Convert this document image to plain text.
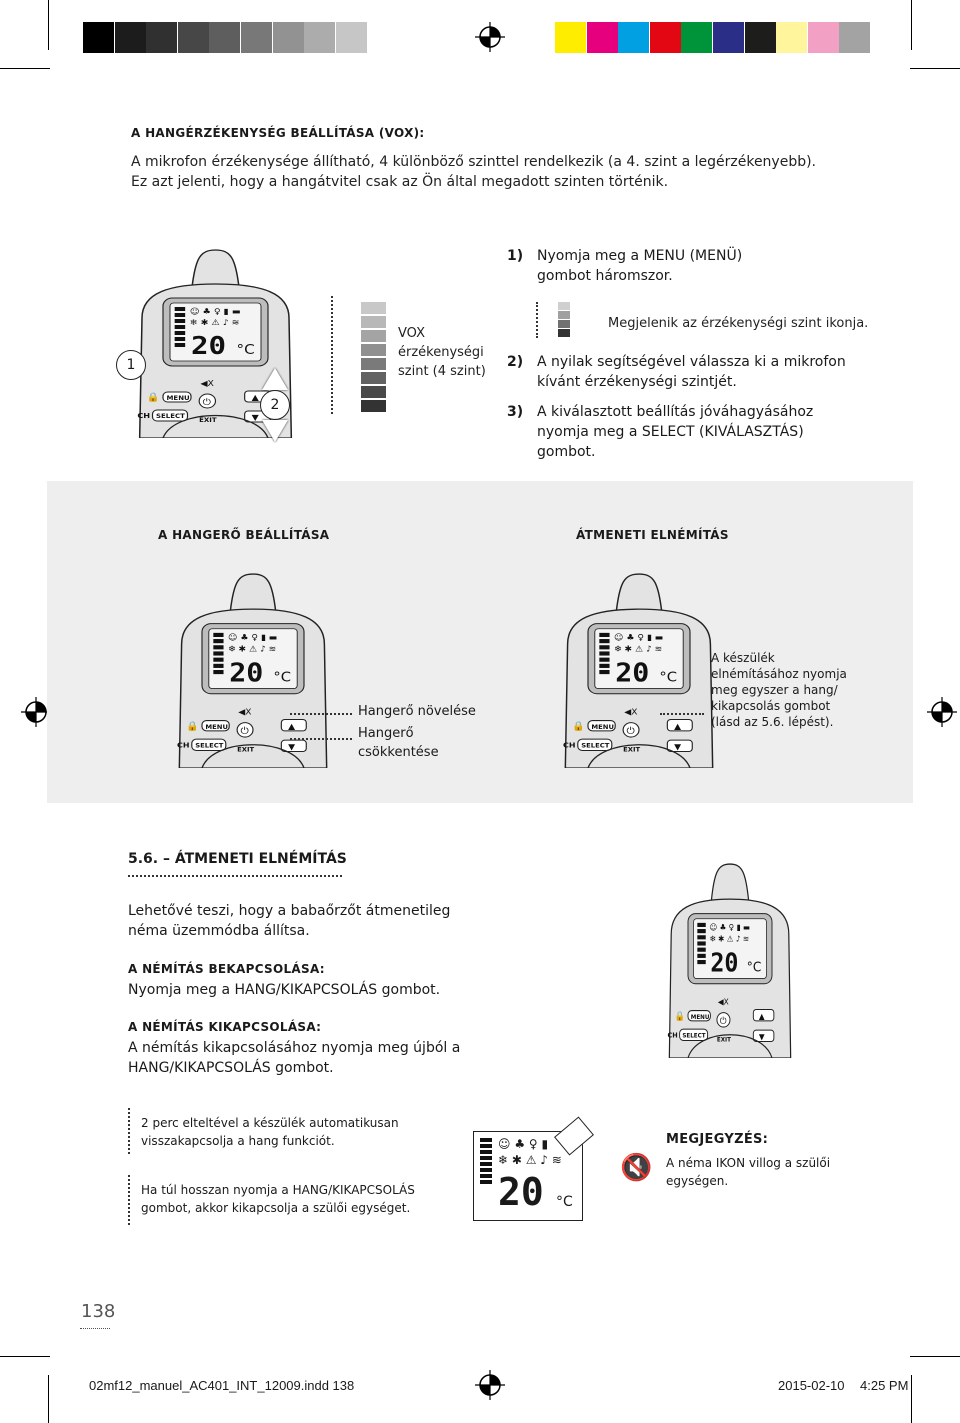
A HANGÉRZÉKENYSÉG BEÁLLÍTÁSA (VOX):
A mikrofon érzékenysége állítható, 4 különböző szinttel rendelkezik (a 4. szint a legérzékenyebb).
Ez azt jelenti, hogy a hangátvitel csak az Ön által megadott szinten történik.
1) Nyomja meg a MENU (MENÜ) gombot háromszor.
1
2
VOX érzékenységi szint (4 szint)
Megjelenik az érzékenységi szint ikonja.
2) A nyilak segítségével válassza ki a mikrofon kívánt érzékenységi szintjét.
3) A kiválasztott beállítás jóváhagyásához nyomja meg a SELECT (KIVÁLASZTÁS) gombot.
A HANGERŐ BEÁLLÍTÁSA	ÁTMENETI ELNÉMÍTÁS
Hangerő növelése
Hangerő csökkentése
A készülék elnémításához nyomja meg egyszer a hang/ kikapcsolás gombot (lásd az 5.6. lépést).
5.6. – ÁTMENETI ELNÉMÍTÁS
Lehetővé teszi, hogy a babaőrzőt átmenetileg néma üzemmódba állítsa.
A NÉMÍTÁS BEKAPCSOLÁSA:
Nyomja meg a HANG/KIKAPCSOLÁS gombot.
A NÉMÍTÁS KIKAPCSOLÁSA:
A némítás kikapcsolásához nyomja meg újból a HANG/KIKAPCSOLÁS gombot.
2 perc elteltével a készülék automatikusan visszakapcsolja a hang funkciót.
Ha túl hosszan nyomja a HANG/KIKAPCSOLÁS gombot, akkor kikapcsolja a szülői egységet.
☺ ♣ ♀ ▮
❄ ✱ ⚠ ♪ ≋
20 °C
🔇
MEGJEGYZÉS:
A néma IKON villog a szülői egységen.
138
02mf12_manuel_AC401_INT_12009.indd 138	2015-02-10 4:25 PM
